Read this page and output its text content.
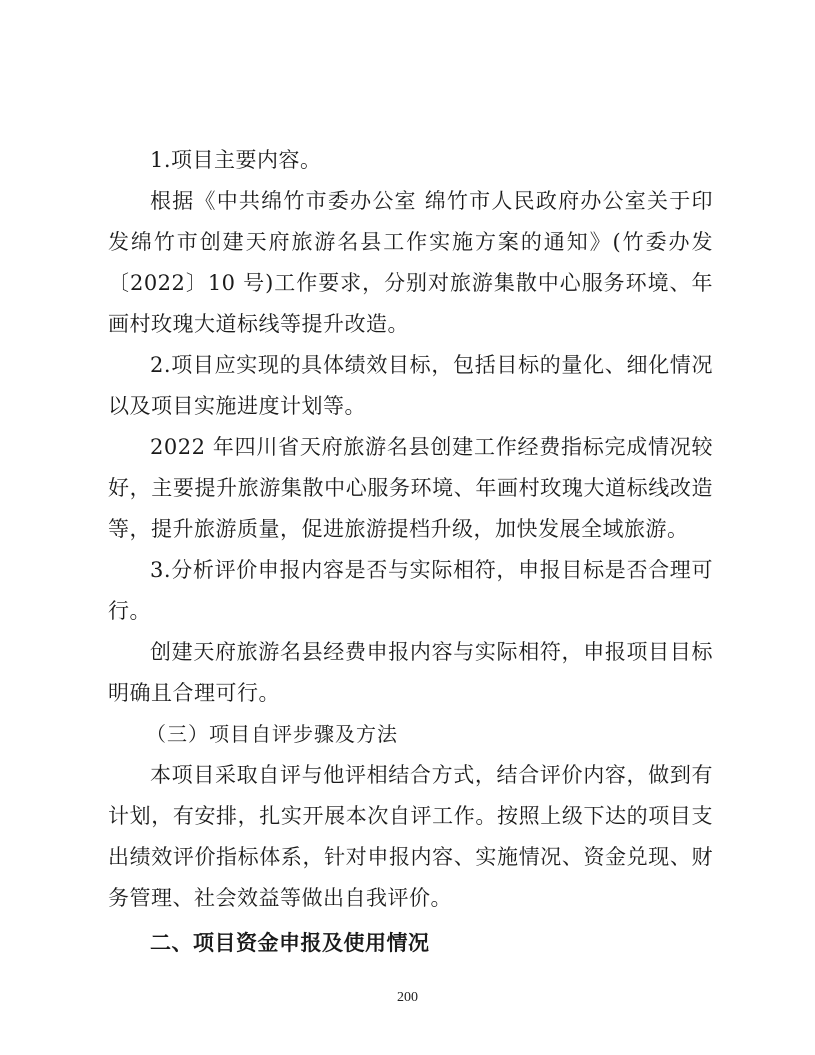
1.项目主要内容。

根据《中共绵竹市委办公室 绵竹市人民政府办公室关于印发绵竹市创建天府旅游名县工作实施方案的通知》(竹委办发〔2022〕10 号)工作要求，分别对旅游集散中心服务环境、年画村玫瑰大道标线等提升改造。

2.项目应实现的具体绩效目标，包括目标的量化、细化情况以及项目实施进度计划等。

2022 年四川省天府旅游名县创建工作经费指标完成情况较好，主要提升旅游集散中心服务环境、年画村玫瑰大道标线改造等，提升旅游质量，促进旅游提档升级，加快发展全域旅游。

3.分析评价申报内容是否与实际相符，申报目标是否合理可行。

创建天府旅游名县经费申报内容与实际相符，申报项目目标明确且合理可行。

（三）项目自评步骤及方法

本项目采取自评与他评相结合方式，结合评价内容，做到有计划，有安排，扎实开展本次自评工作。按照上级下达的项目支出绩效评价指标体系，针对申报内容、实施情况、资金兑现、财务管理、社会效益等做出自我评价。

二、项目资金申报及使用情况

200
